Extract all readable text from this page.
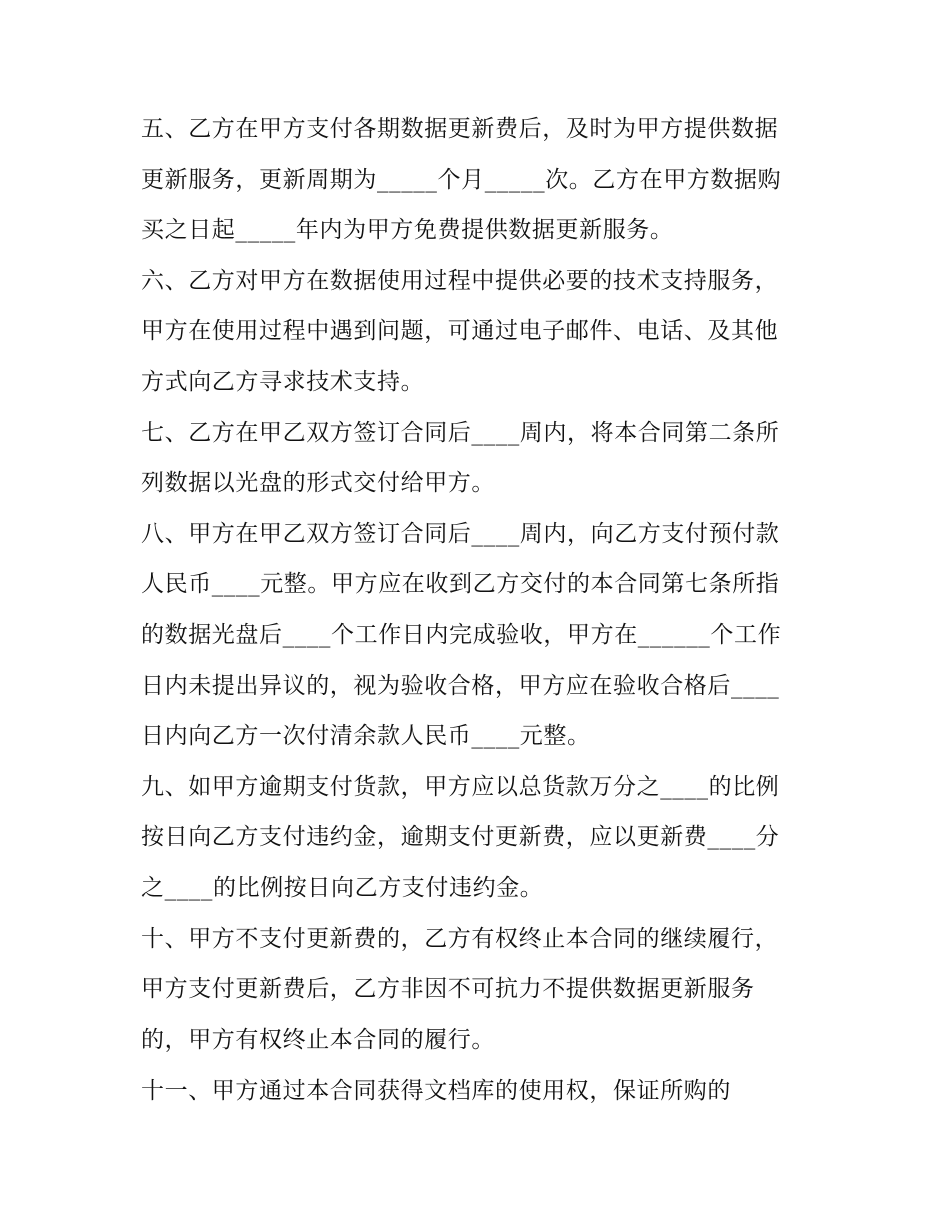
五、乙方在甲方支付各期数据更新费后，及时为甲方提供数据
更新服务，更新周期为_____个月_____次。乙方在甲方数据购
买之日起_____年内为甲方免费提供数据更新服务。
六、乙方对甲方在数据使用过程中提供必要的技术支持服务，
甲方在使用过程中遇到问题，可通过电子邮件、电话、及其他
方式向乙方寻求技术支持。
七、乙方在甲乙双方签订合同后____周内，将本合同第二条所
列数据以光盘的形式交付给甲方。
八、甲方在甲乙双方签订合同后____周内，向乙方支付预付款
人民币____元整。甲方应在收到乙方交付的本合同第七条所指
的数据光盘后____个工作日内完成验收，甲方在______个工作
日内未提出异议的，视为验收合格，甲方应在验收合格后____
日内向乙方一次付清余款人民币____元整。
九、如甲方逾期支付货款，甲方应以总货款万分之____的比例
按日向乙方支付违约金，逾期支付更新费，应以更新费____分
之____的比例按日向乙方支付违约金。
十、甲方不支付更新费的，乙方有权终止本合同的继续履行，
甲方支付更新费后，乙方非因不可抗力不提供数据更新服务
的，甲方有权终止本合同的履行。
十一、甲方通过本合同获得文档库的使用权，保证所购的
